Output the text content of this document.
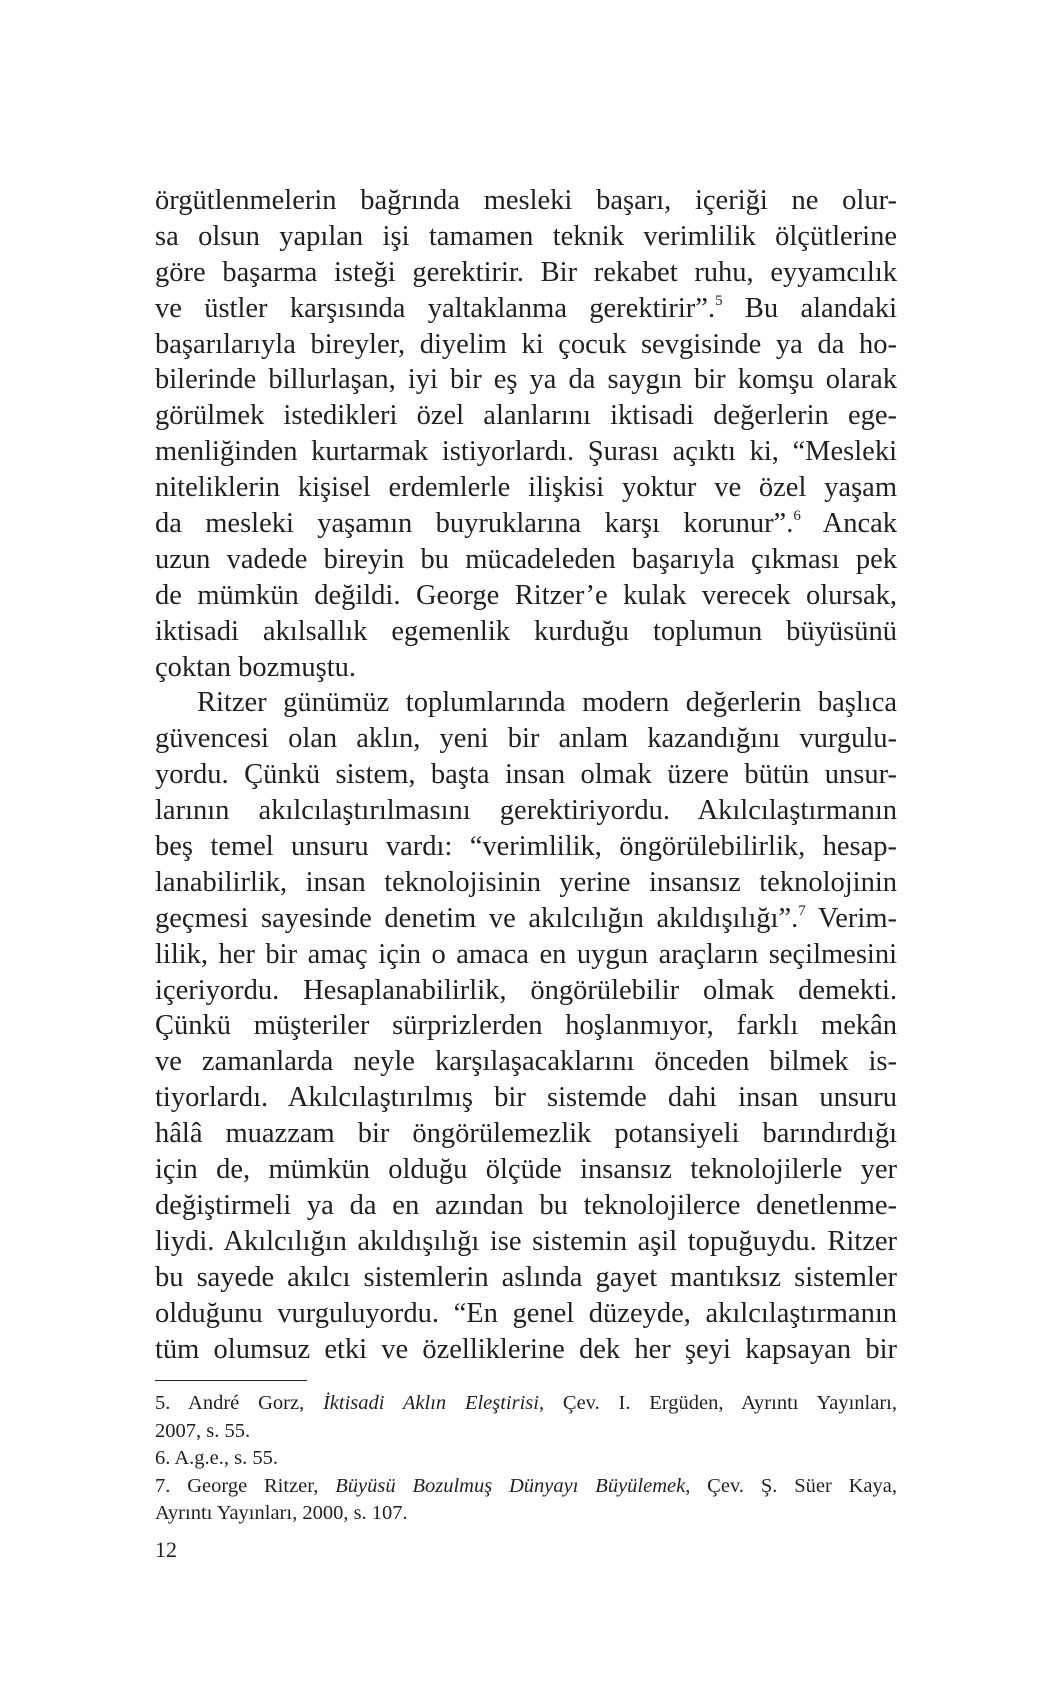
örgütlenmelerin bağrında mesleki başarı, içeriği ne olur-
sa olsun yapılan işi tamamen teknik verimlilik ölçütlerine
göre başarma isteği gerektirir. Bir rekabet ruhu, eyyamcılık
ve üstler karşısında yaltaklanma gerektirir”.$^5$ Bu alandaki
başarılarıyla bireyler, diyelim ki çocuk sevgisinde ya da ho-
bilerinde billurlaşan, iyi bir eş ya da saygın bir komşu olarak
görülmek istedikleri özel alanlarını iktisadi değerlerin ege-
menliğinden kurtarmak istiyorlardı. Şurası açıktı ki, “Mesleki
niteliklerin kişisel erdemlerle ilişkisi yoktur ve özel yaşam
da mesleki yaşamın buyruklarına karşı korunur”.$^6$ Ancak
uzun vadede bireyin bu mücadeleden başarıyla çıkması pek
de mümkün değildi. George Ritzer’e kulak verecek olursak,
iktisadi akılsallık egemenlik kurduğu toplumun büyüsünü
çoktan bozmuştu.
Ritzer günümüz toplumlarında modern değerlerin başlıca
güvencesi olan aklın, yeni bir anlam kazandığını vurgulu-
yordu. Çünkü sistem, başta insan olmak üzere bütün unsur-
larının akılcılaştırılmasını gerektiriyordu. Akılcılaştırmanın
beş temel unsuru vardı: “verimlilik, öngörülebilirlik, hesap-
lanabilirlik, insan teknolojisinin yerine insansız teknolojinin
geçmesi sayesinde denetim ve akılcılığın akıldışılığı”.$^7$ Verim-
lilik, her bir amaç için o amaca en uygun araçların seçilmesini
içeriyordu. Hesaplanabilirlik, öngörülebilir olmak demekti.
Çünkü müşteriler sürprizlerden hoşlanmıyor, farklı mekân
ve zamanlarda neyle karşılaşacaklarını önceden bilmek is-
tiyorlardı. Akılcılaştırılmış bir sistemde dahi insan unsuru
hâlâ muazzam bir öngörülemezlik potansiyeli barındırdığı
için de, mümkün olduğu ölçüde insansız teknolojilerle yer
değiştirmeli ya da en azından bu teknolojilerce denetlenme-
liydi. Akılcılığın akıldışılığı ise sistemin aşil topuğuydu. Ritzer
bu sayede akılcı sistemlerin aslında gayet mantıksız sistemler
olduğunu vurguluyordu. “En genel düzeyde, akılcılaştırmanın
tüm olumsuz etki ve özelliklerine dek her şeyi kapsayan bir
5. André Gorz, İktisadi Aklın Eleştirisi, Çev. I. Ergüden, Ayrıntı Yayınları,
2007, s. 55.
6. A.g.e., s. 55.
7. George Ritzer, Büyüsü Bozulmuş Dünyayı Büyülemek, Çev. Ş. Süer Kaya,
Ayrıntı Yayınları, 2000, s. 107.
12
